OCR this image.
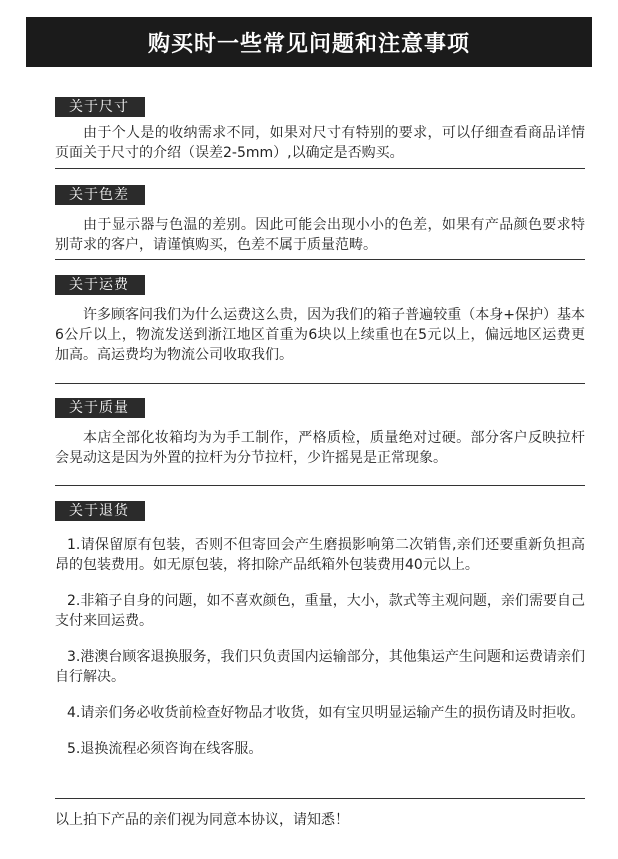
购买时一些常见问题和注意事项
关于尺寸

由于个人是的收纳需求不同，如果对尺寸有特别的要求，可以仔细查看商品详情页面关于尺寸的介绍（误差2-5mm）,以确定是否购买。

关于色差

由于显示器与色温的差别。因此可能会出现小小的色差，如果有产品颜色要求特别苛求的客户，请谨慎购买，色差不属于质量范畴。

关于运费

许多顾客问我们为什么运费这么贵，因为我们的箱子普遍较重（本身+保护）基本6公斤以上，物流发送到浙江地区首重为6块以上续重也在5元以上，偏远地区运费更加高。高运费均为物流公司收取我们。

关于质量

本店全部化妆箱均为为手工制作，严格质检，质量绝对过硬。部分客户反映拉杆会晃动这是因为外置的拉杆为分节拉杆，少许摇晃是正常现象。

关于退货

1.请保留原有包装，否则不但寄回会产生磨损影响第二次销售,亲们还要重新负担高昂的包装费用。如无原包装，将扣除产品纸箱外包装费用40元以上。

2.非箱子自身的问题，如不喜欢颜色，重量，大小，款式等主观问题，亲们需要自己支付来回运费。

3.港澳台顾客退换服务，我们只负责国内运输部分，其他集运产生问题和运费请亲们自行解决。

4.请亲们务必收货前检查好物品才收货，如有宝贝明显运输产生的损伤请及时拒收。

5.退换流程必须咨询在线客服。

以上拍下产品的亲们视为同意本协议，请知悉！
